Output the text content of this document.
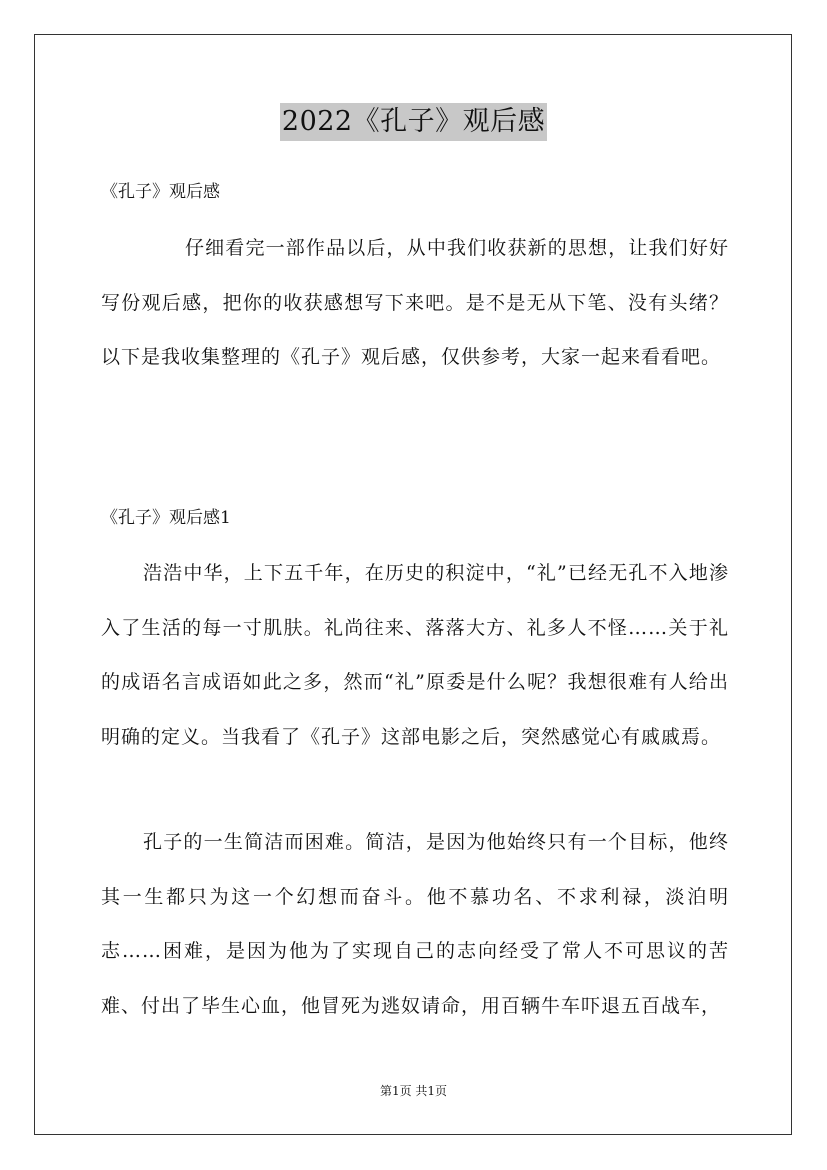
2022《孔子》观后感
《孔子》观后感

仔细看完一部作品以后，从中我们收获新的思想，让我们好好写份观后感，把你的收获感想写下来吧。是不是无从下笔、没有头绪？以下是我收集整理的《孔子》观后感，仅供参考，大家一起来看看吧。

《孔子》观后感1

浩浩中华，上下五千年，在历史的积淀中，“礼”已经无孔不入地渗入了生活的每一寸肌肤。礼尚往来、落落大方、礼多人不怪……关于礼的成语名言成语如此之多，然而“礼”原委是什么呢？我想很难有人给出明确的定义。当我看了《孔子》这部电影之后，突然感觉心有戚戚焉。

孔子的一生简洁而困难。简洁，是因为他始终只有一个目标，他终其一生都只为这一个幻想而奋斗。他不慕功名、不求利禄，淡泊明志……困难，是因为他为了实现自己的志向经受了常人不可思议的苦难、付出了毕生心血，他冒死为逃奴请命，用百辆牛车吓退五百战车，

第1页 共1页
